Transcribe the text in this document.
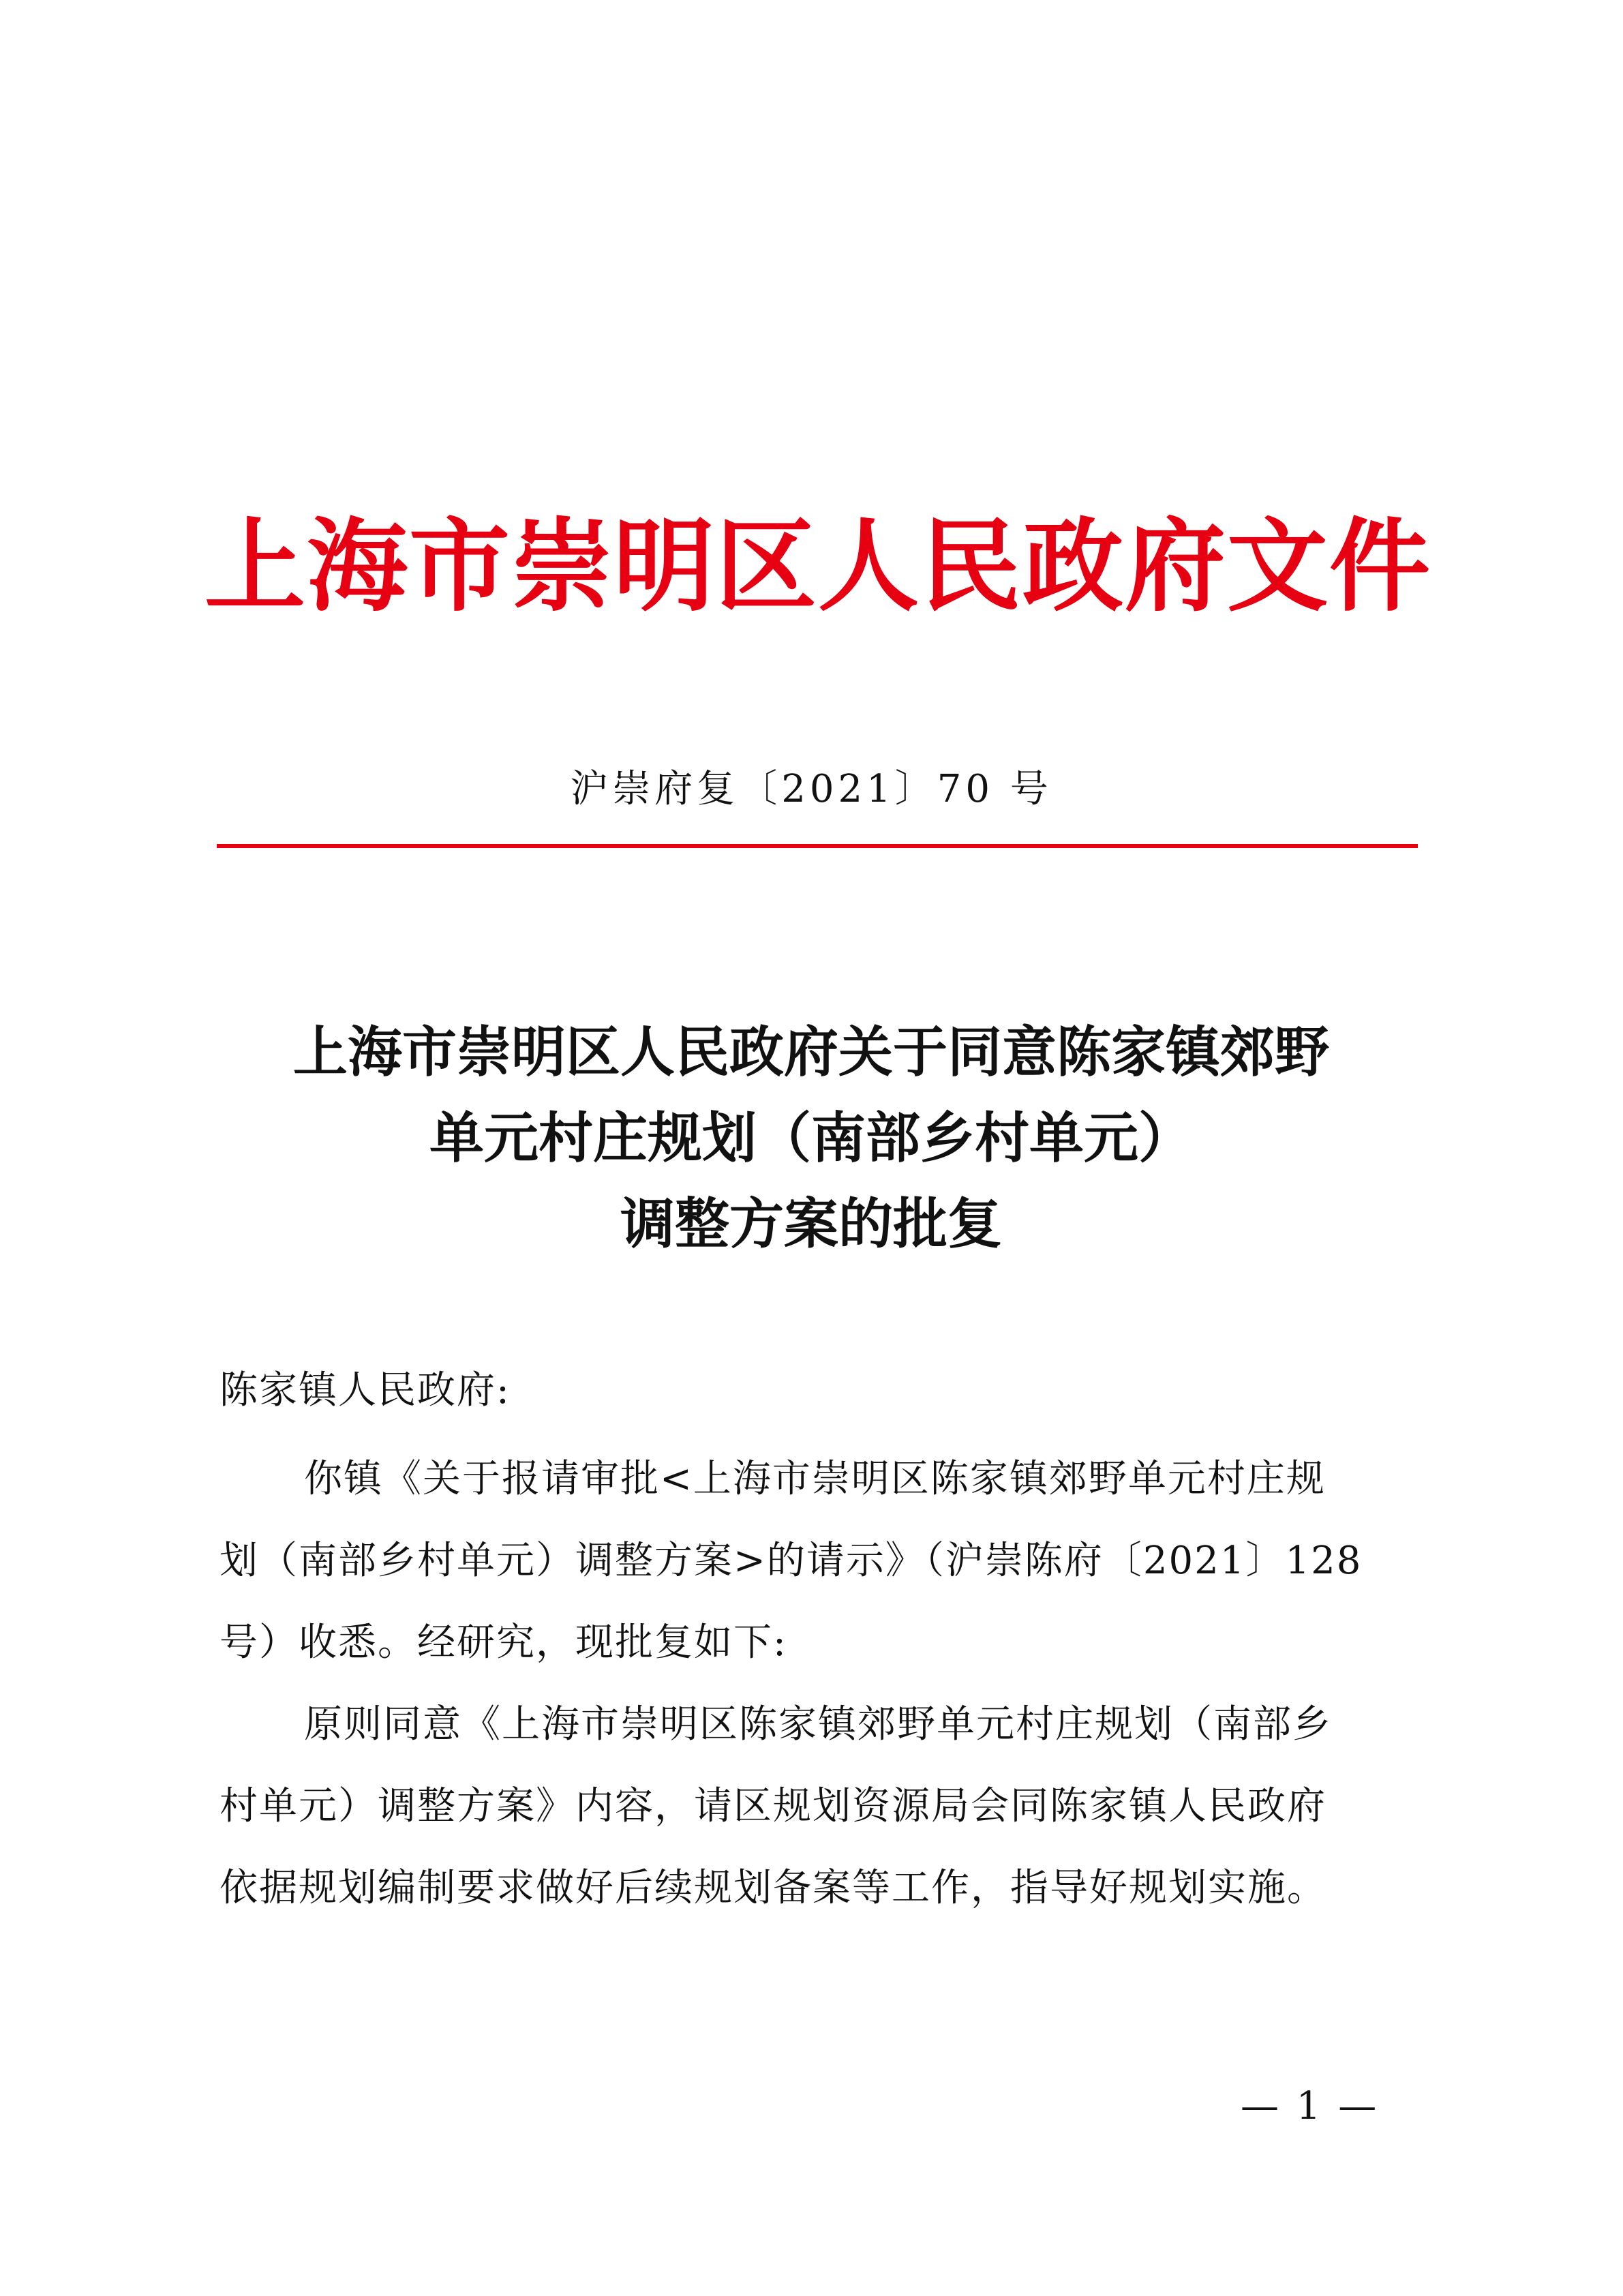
上海市崇明区人民政府文件
沪崇府复〔2021〕70 号
上海市崇明区人民政府关于同意陈家镇郊野
单元村庄规划（南部乡村单元）
调整方案的批复
陈家镇人民政府:
你镇《关于报请审批<上海市崇明区陈家镇郊野单元村庄规
划（南部乡村单元）调整方案>的请示》（沪崇陈府〔2021〕128
号）收悉。经研究，现批复如下:
原则同意《上海市崇明区陈家镇郊野单元村庄规划（南部乡
村单元）调整方案》内容，请区规划资源局会同陈家镇人民政府
依据规划编制要求做好后续规划备案等工作，指导好规划实施。
— 1 —
